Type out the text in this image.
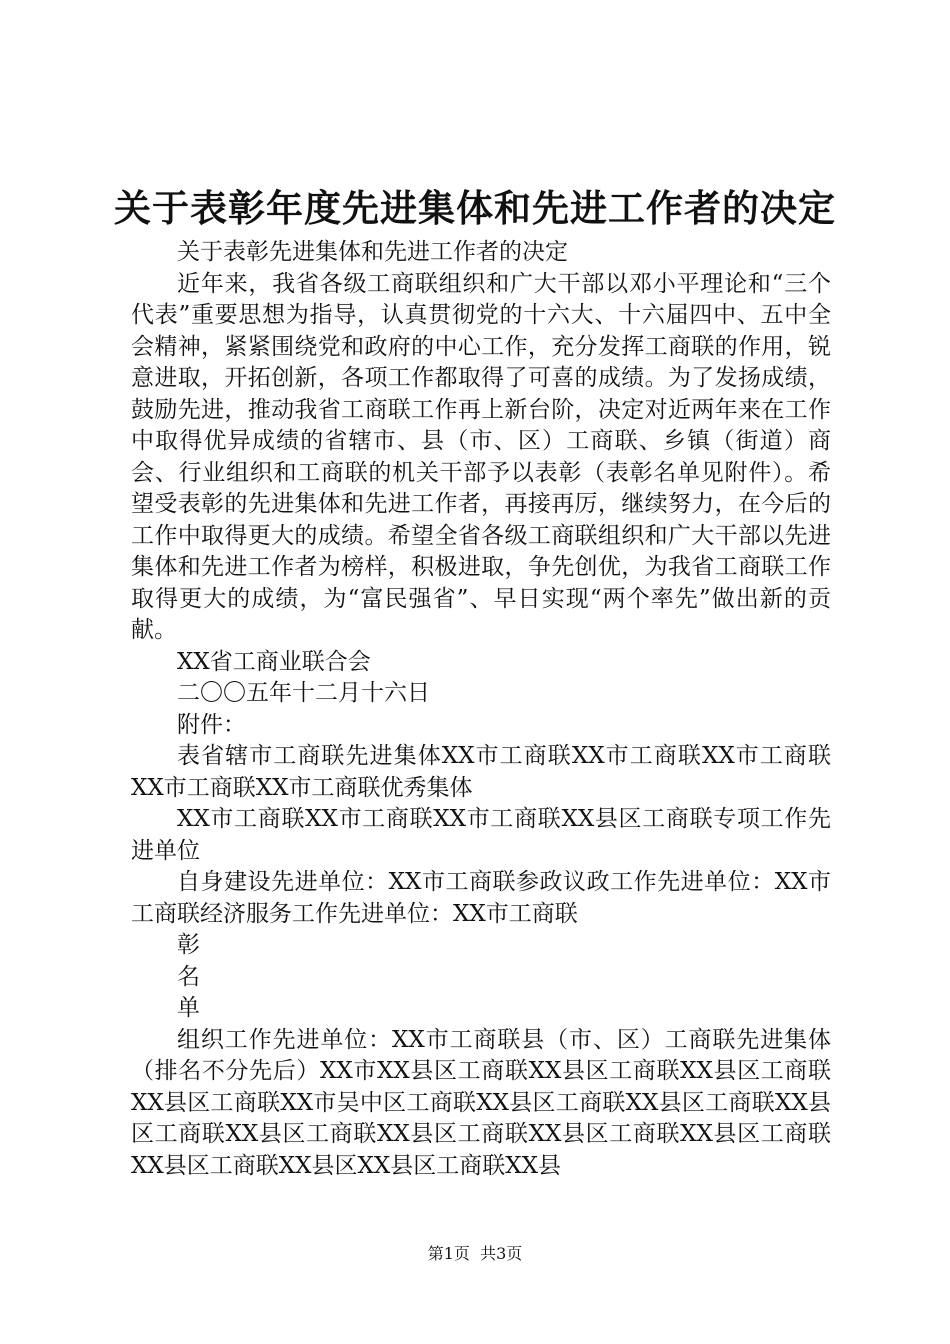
关于表彰年度先进集体和先进工作者的决定

关于表彰先进集体和先进工作者的决定

近年来，我省各级工商联组织和广大干部以邓小平理论和“三个代表”重要思想为指导，认真贯彻党的十六大、十六届四中、五中全会精神，紧紧围绕党和政府的中心工作，充分发挥工商联的作用，锐意进取，开拓创新，各项工作都取得了可喜的成绩。为了发扬成绩，鼓励先进，推动我省工商联工作再上新台阶，决定对近两年来在工作中取得优异成绩的省辖市、县（市、区）工商联、乡镇（街道）商会、行业组织和工商联的机关干部予以表彰（表彰名单见附件）。希望受表彰的先进集体和先进工作者，再接再厉，继续努力，在今后的工作中取得更大的成绩。希望全省各级工商联组织和广大干部以先进集体和先进工作者为榜样，积极进取，争先创优，为我省工商联工作取得更大的成绩，为“富民强省”、早日实现“两个率先”做出新的贡献。

XX省工商业联合会

二〇〇五年十二月十六日

附件：

表省辖市工商联先进集体XX市工商联XX市工商联XX市工商联XX市工商联XX市工商联优秀集体

XX市工商联XX市工商联XX市工商联XX县区工商联专项工作先进单位

自身建设先进单位：XX市工商联参政议政工作先进单位：XX市工商联经济服务工作先进单位：XX市工商联

彰

名

单

组织工作先进单位：XX市工商联县（市、区）工商联先进集体（排名不分先后）XX市XX县区工商联XX县区工商联XX县区工商联XX县区工商联XX市吴中区工商联XX县区工商联XX县区工商联XX县区工商联XX县区工商联XX县区工商联XX县区工商联XX县区工商联XX县区工商联XX县区XX县区工商联XX县

第1页  共3页
